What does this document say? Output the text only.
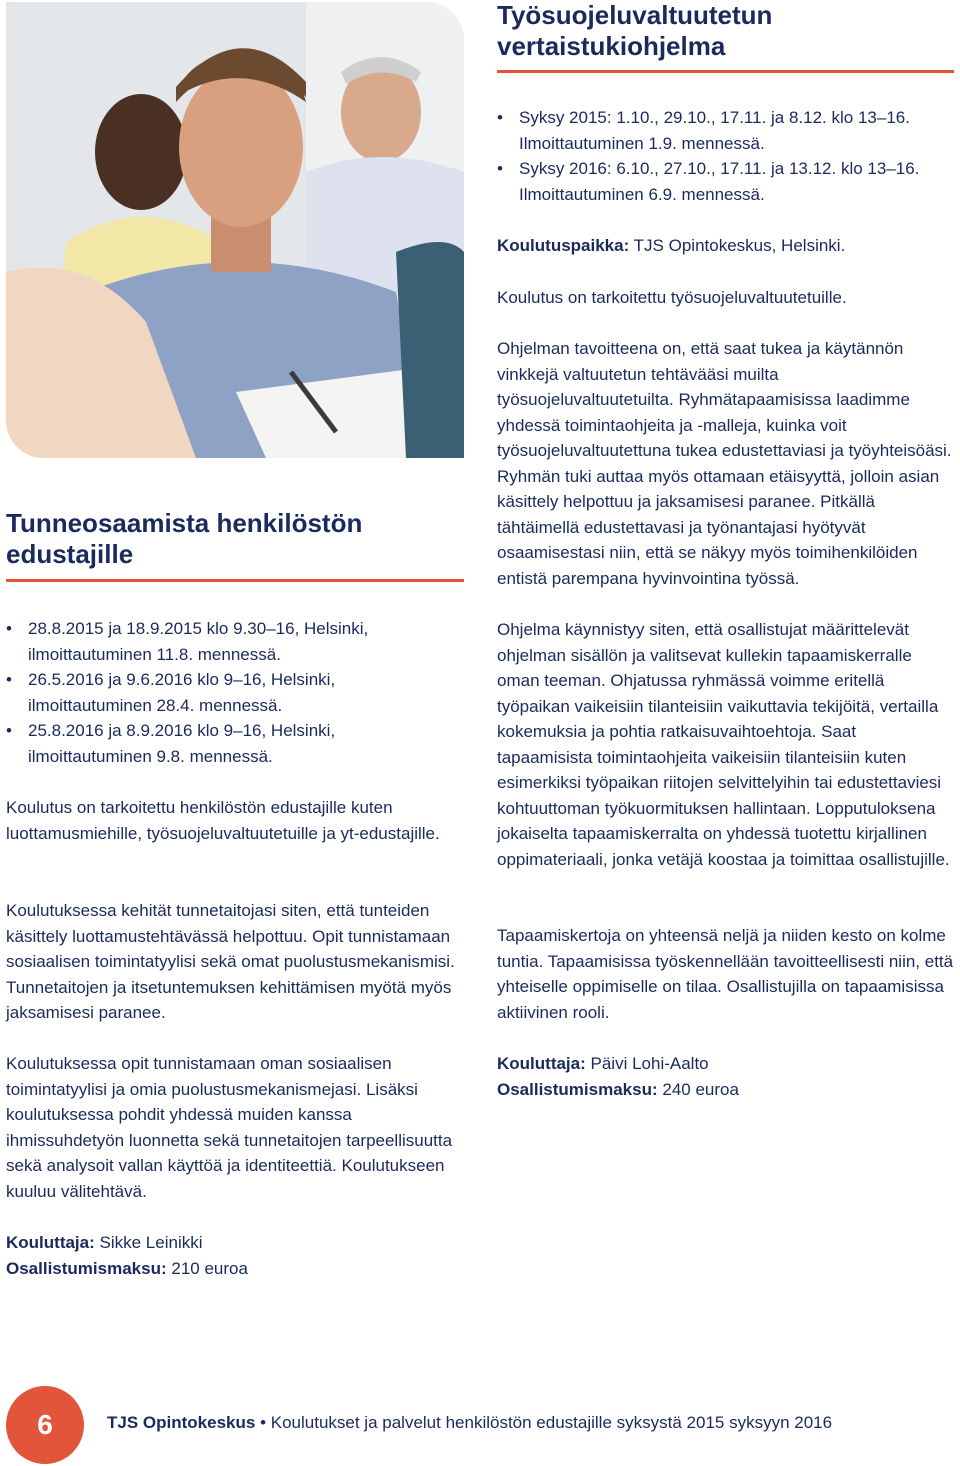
Työsuojeluvaltuutetun vertaistukiohjelma
• Syksy 2015: 1.10., 29.10., 17.11. ja 8.12. klo 13–16. Ilmoittautuminen 1.9. mennessä.
• Syksy 2016: 6.10., 27.10., 17.11. ja 13.12. klo 13–16. Ilmoittautuminen 6.9. mennessä.

Koulutuspaikka: TJS Opintokeskus, Helsinki.

Koulutus on tarkoitettu työsuojeluvaltuutetuille.

Ohjelman tavoitteena on, että saat tukea ja käytännön vinkkejä valtuutetun tehtävääsi muilta työsuojeluvaltuutetuilta. Ryhmätapaamisissa laadimme yhdessä toimintaohjeita ja -malleja, kuinka voit työsuojeluvaltuutettuna tukea edustettaviasi ja työyhteisöäsi. Ryhmän tuki auttaa myös ottamaan etäisyyttä, jolloin asian käsittely helpottuu ja jaksamisesi paranee. Pitkällä tähtäimellä edustettavasi ja työnantajasi hyötyvät osaamisestasi niin, että se näkyy myös toimihenkilöiden entistä parempana hyvinvointina työssä.

Ohjelma käynnistyy siten, että osallistujat määrittelevät ohjelman sisällön ja valitsevat kullekin tapaamiskerralle oman teeman. Ohjatussa ryhmässä voimme eritellä työpaikan vaikeisiin tilanteisiin vaikuttavia tekijöitä, vertailla kokemuksia ja pohtia ratkaisuvaihtoehtoja. Saat tapaamisista toimintaohjeita vaikeisiin tilanteisiin kuten esimerkiksi työpaikan riitojen selvittelyihin tai edustettaviesi kohtuuttoman työkuormituksen hallintaan. Lopputuloksena jokaiselta tapaamiskerralta on yhdessä tuotettu kirjallinen oppimateriaali, jonka vetäjä koostaa ja toimittaa osallistujille.

Tapaamiskertoja on yhteensä neljä ja niiden kesto on kolme tuntia. Tapaamisissa työskennellään tavoitteellisesti niin, että yhteiselle oppimiselle on tilaa. Osallistujilla on tapaamisissa aktiivinen rooli.

Kouluttaja: Päivi Lohi-Aalto

Osallistumismaksu: 240 euroa

Tunneosaamista henkilöstön edustajille
• 28.8.2015 ja 18.9.2015 klo 9.30–16, Helsinki, ilmoittautuminen 11.8. mennessä.
• 26.5.2016 ja 9.6.2016 klo 9–16, Helsinki, ilmoittautuminen 28.4. mennessä.
• 25.8.2016 ja 8.9.2016 klo 9–16, Helsinki, ilmoittautuminen 9.8. mennessä.

Koulutus on tarkoitettu henkilöstön edustajille kuten luottamusmiehille, työsuojeluvaltuutetuille ja yt-edustajille.

Koulutuksessa kehität tunnetaitojasi siten, että tunteiden käsittely luottamustehtävässä helpottuu. Opit tunnistamaan sosiaalisen toimintatyylisi sekä omat puolustusmekanismisi. Tunnetaitojen ja itsetuntemuksen kehittämisen myötä myös jaksamisesi paranee.

Koulutuksessa opit tunnistamaan oman sosiaalisen toimintatyylisi ja omia puolustusmekanismejasi. Lisäksi koulutuksessa pohdit yhdessä muiden kanssa ihmissuhdetyön luonnetta sekä tunnetaitojen tarpeellisuutta sekä analysoit vallan käyttöä ja identiteettiä. Koulutukseen kuuluu välitehtävä.

Kouluttaja: Sikke Leinikki

Osallistumismaksu: 210 euroa

6	TJS Opintokeskus • Koulutukset ja palvelut henkilöstön edustajille syksystä 2015 syksyyn 2016
